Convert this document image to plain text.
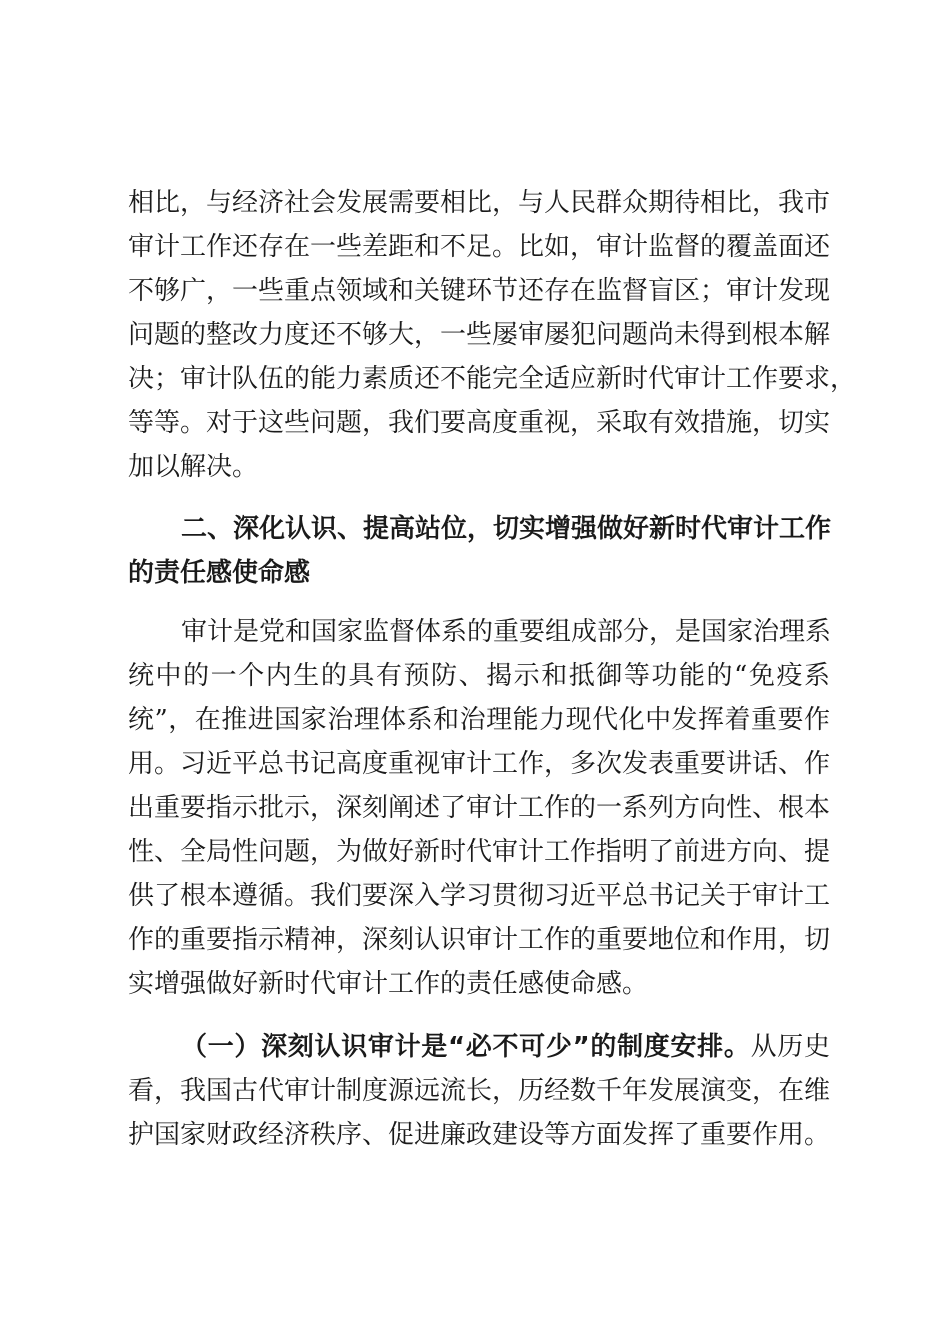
相比，与经济社会发展需要相比，与人民群众期待相比，我市
审计工作还存在一些差距和不足。比如，审计监督的覆盖面还
不够广，一些重点领域和关键环节还存在监督盲区；审计发现
问题的整改力度还不够大，一些屡审屡犯问题尚未得到根本解
决；审计队伍的能力素质还不能完全适应新时代审计工作要求，
等等。对于这些问题，我们要高度重视，采取有效措施，切实
加以解决。
二、深化认识、提高站位，切实增强做好新时代审计工作
的责任感使命感
审计是党和国家监督体系的重要组成部分，是国家治理系
统中的一个内生的具有预防、揭示和抵御等功能的“免疫系
统”，在推进国家治理体系和治理能力现代化中发挥着重要作
用。习近平总书记高度重视审计工作，多次发表重要讲话、作
出重要指示批示，深刻阐述了审计工作的一系列方向性、根本
性、全局性问题，为做好新时代审计工作指明了前进方向、提
供了根本遵循。我们要深入学习贯彻习近平总书记关于审计工
作的重要指示精神，深刻认识审计工作的重要地位和作用，切
实增强做好新时代审计工作的责任感使命感。
（一）深刻认识审计是“必不可少”的制度安排。从历史
看，我国古代审计制度源远流长，历经数千年发展演变，在维
护国家财政经济秩序、促进廉政建设等方面发挥了重要作用。
